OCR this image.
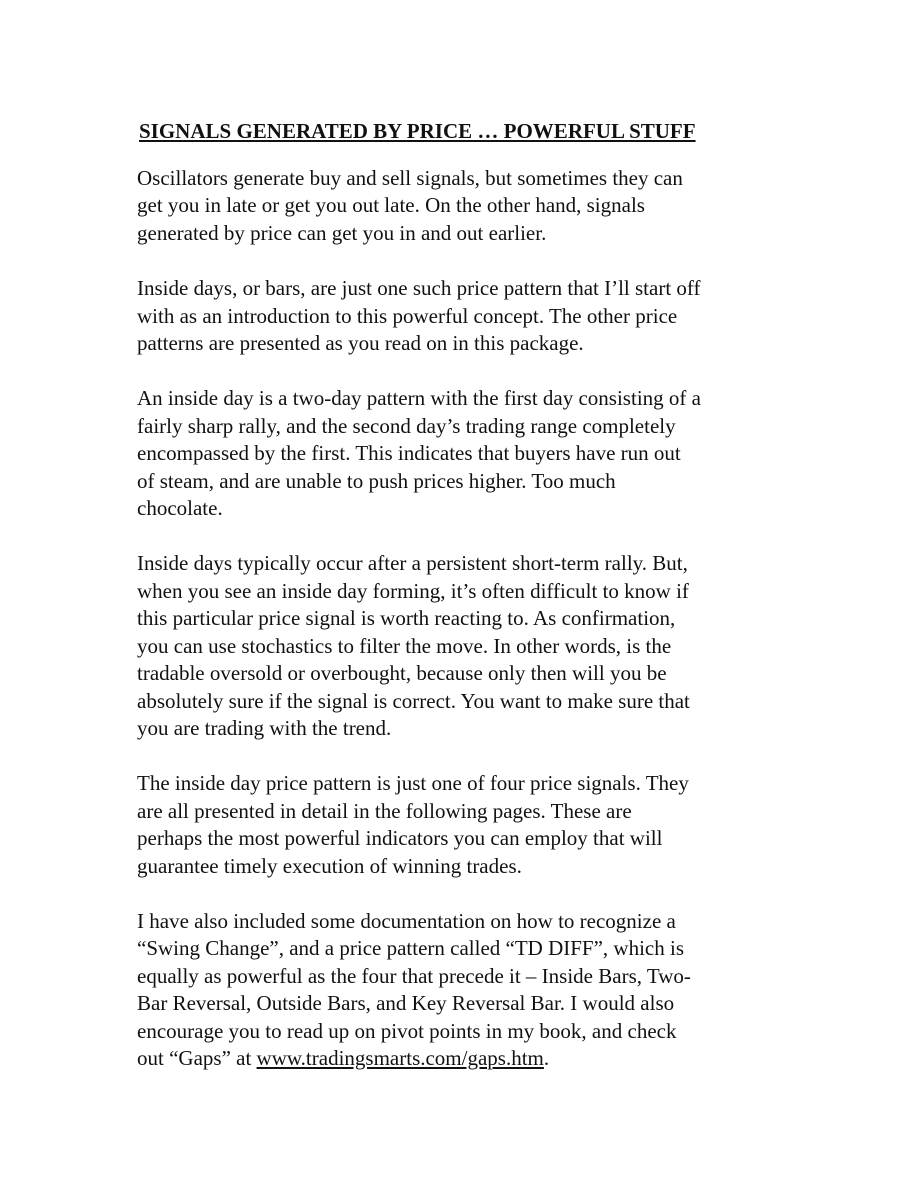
SIGNALS GENERATED BY PRICE … POWERFUL STUFF
Oscillators generate buy and sell signals, but sometimes they can
get you in late or get you out late. On the other hand, signals
generated by price can get you in and out earlier.
Inside days, or bars, are just one such price pattern that I’ll start off
with as an introduction to this powerful concept. The other price
patterns are presented as you read on in this package.
An inside day is a two-day pattern with the first day consisting of a
fairly sharp rally, and the second day’s trading range completely
encompassed by the first. This indicates that buyers have run out
of steam, and are unable to push prices higher. Too much
chocolate.
Inside days typically occur after a persistent short-term rally. But,
when you see an inside day forming, it’s often difficult to know if
this particular price signal is worth reacting to. As confirmation,
you can use stochastics to filter the move. In other words, is the
tradable oversold or overbought, because only then will you be
absolutely sure if the signal is correct. You want to make sure that
you are trading with the trend.
The inside day price pattern is just one of four price signals. They
are all presented in detail in the following pages. These are
perhaps the most powerful indicators you can employ that will
guarantee timely execution of winning trades.
I have also included some documentation on how to recognize a
“Swing Change”, and a price pattern called “TD DIFF”, which is
equally as powerful as the four that precede it – Inside Bars, Two-
Bar Reversal, Outside Bars, and Key Reversal Bar. I would also
encourage you to read up on pivot points in my book, and check
out “Gaps” at www.tradingsmarts.com/gaps.htm.
